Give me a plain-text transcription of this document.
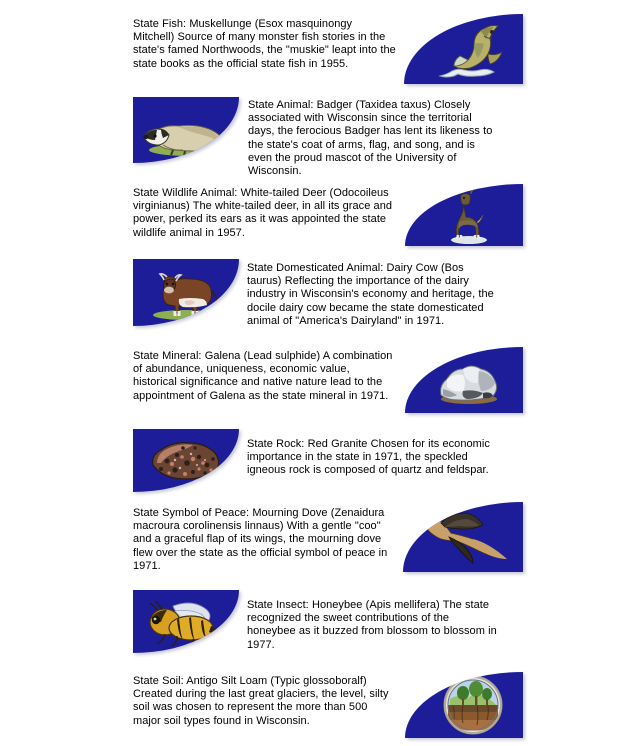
State Fish: Muskellunge (Esox masquinongy Mitchell) Source of many monster fish stories in the state's famed Northwoods, the "muskie" leapt into the state books as the official state fish in 1955.
State Animal: Badger (Taxidea taxus) Closely associated with Wisconsin since the territorial days, the ferocious Badger has lent its likeness to the state's coat of arms, flag, and song, and is even the proud mascot of the University of Wisconsin.
State Wildlife Animal: White-tailed Deer (Odocoileus virginianus) The white-tailed deer, in all its grace and power, perked its ears as it was appointed the state wildlife animal in 1957.
State Domesticated Animal: Dairy Cow (Bos taurus) Reflecting the importance of the dairy industry in Wisconsin's economy and heritage, the docile dairy cow became the state domesticated animal of "America's Dairyland" in 1971.
State Mineral: Galena (Lead sulphide) A combination of abundance, uniqueness, economic value, historical significance and native nature lead to the appointment of Galena as the state mineral in 1971.
State Rock: Red Granite Chosen for its economic importance in the state in 1971, the speckled igneous rock is composed of quartz and feldspar.
State Symbol of Peace: Mourning Dove (Zenaidura macroura corolinensis linnaus) With a gentle "coo" and a graceful flap of its wings, the mourning dove flew over the state as the official symbol of peace in 1971.
State Insect: Honeybee (Apis mellifera) The state recognized the sweet contributions of the honeybee as it buzzed from blossom to blossom in 1977.
State Soil: Antigo Silt Loam (Typic glossoboralf) Created during the last great glaciers, the level, silty soil was chosen to represent the more than 500 major soil types found in Wisconsin.
